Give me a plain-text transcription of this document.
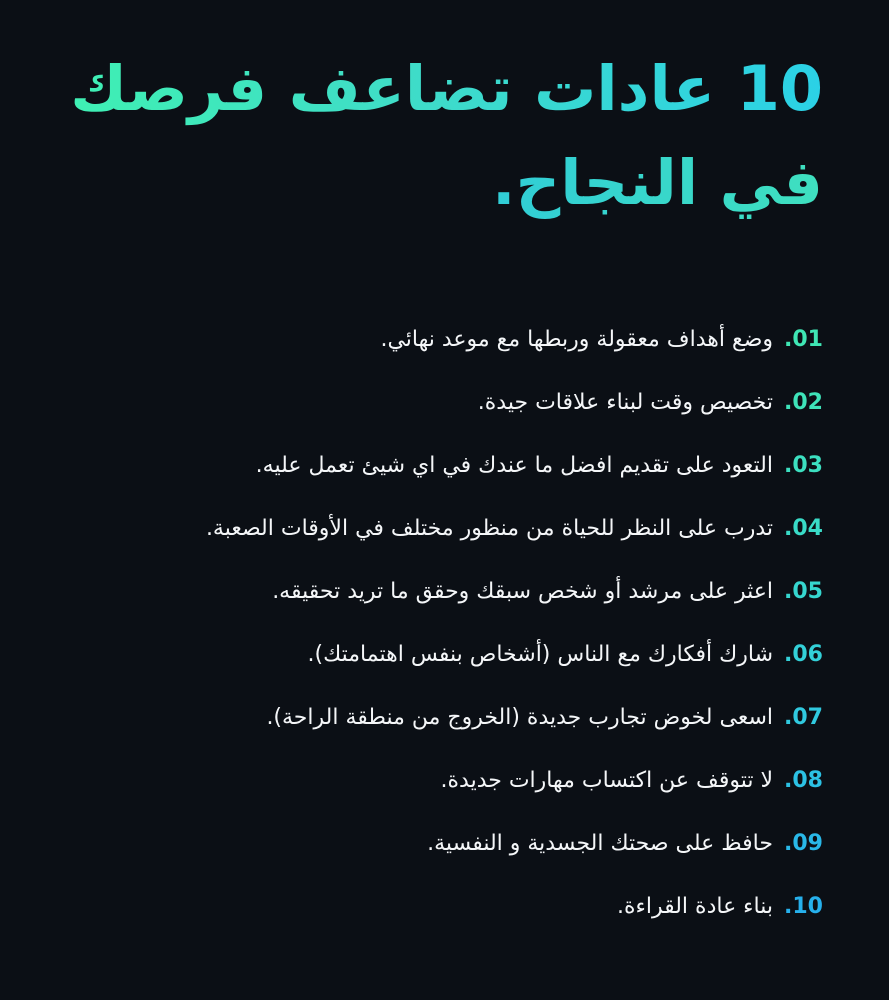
10 عادات تضاعف فرصك
في النجاح.
.01
وضع أهداف معقولة وربطها مع موعد نهائي.
.02
تخصيص وقت لبناء علاقات جيدة.
.03
التعود على تقديم افضل ما عندك في اي شيئ تعمل عليه.
.04
تدرب على النظر للحياة من منظور مختلف في الأوقات الصعبة.
.05
اعثر على مرشد أو شخص سبقك وحقق ما تريد تحقيقه.
.06
شارك أفكارك مع الناس (أشخاص بنفس اهتمامتك).
.07
اسعى لخوض تجارب جديدة (الخروج من منطقة الراحة).
.08
لا تتوقف عن اكتساب مهارات جديدة.
.09
حافظ على صحتك الجسدية و النفسية.
.10
بناء عادة القراءة.
